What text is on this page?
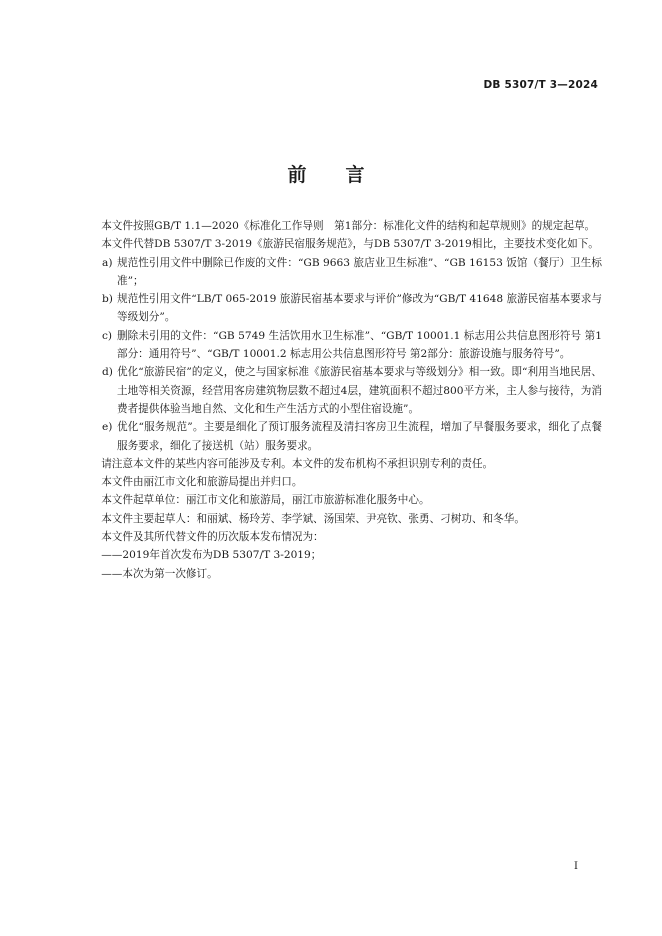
DB 5307/T 3—2024
前　言

本文件按照GB/T 1.1—2020《标准化工作导则　第1部分：标准化文件的结构和起草规则》的规定起草。

本文件代替DB 5307/T 3-2019《旅游民宿服务规范》，与DB 5307/T 3-2019相比，主要技术变化如下。

a) 规范性引用文件中删除已作废的文件：“GB 9663 旅店业卫生标准”、“GB 16153 饭馆（餐厅）卫生标准”；
b) 规范性引用文件“LB/T 065-2019 旅游民宿基本要求与评价”修改为“GB/T 41648 旅游民宿基本要求与等级划分”。
c) 删除未引用的文件：“GB 5749 生活饮用水卫生标准”、“GB/T 10001.1 标志用公共信息图形符号 第1部分：通用符号”、“GB/T 10001.2 标志用公共信息图形符号 第2部分：旅游设施与服务符号”。
d) 优化“旅游民宿”的定义，使之与国家标准《旅游民宿基本要求与等级划分》相一致。即“利用当地民居、土地等相关资源，经营用客房建筑物层数不超过4层，建筑面积不超过800平方米，主人参与接待，为消费者提供体验当地自然、文化和生产生活方式的小型住宿设施”。
e) 优化“服务规范”。主要是细化了预订服务流程及清扫客房卫生流程，增加了早餐服务要求，细化了点餐服务要求，细化了接送机（站）服务要求。

请注意本文件的某些内容可能涉及专利。本文件的发布机构不承担识别专利的责任。

本文件由丽江市文化和旅游局提出并归口。

本文件起草单位：丽江市文化和旅游局，丽江市旅游标准化服务中心。

本文件主要起草人：和丽斌、杨玲芳、李学斌、汤国荣、尹亮钦、张勇、刁树功、和冬华。

本文件及其所代替文件的历次版本发布情况为：

——2019年首次发布为DB 5307/T 3-2019；

——本次为第一次修订。

I
